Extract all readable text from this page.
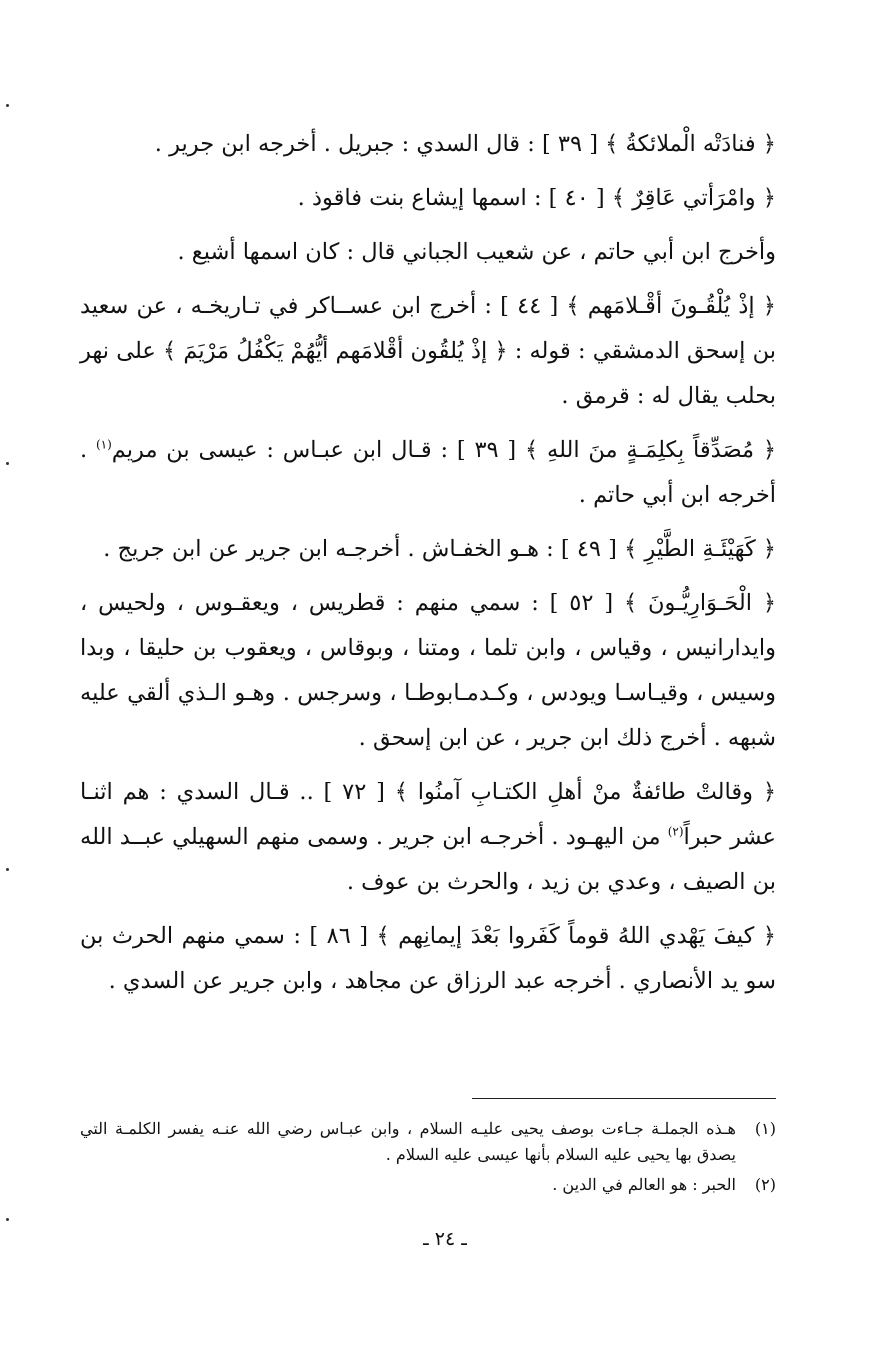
﴿ فنادَتْه الْملائكةُ ﴾ [ ٣٩ ] : قال السدي : جبريل . أخرجه ابن جرير .

﴿ وامْرَأتي عَاقِرٌ ﴾ [ ٤٠ ] : اسمها إيشاع بنت فاقوذ .

وأخرج ابن أبي حاتم ، عن شعيب الجباني قال : كان اسمها أشيع .

﴿ إذْ يُلْقُـونَ أقْـلامَهم ﴾ [ ٤٤ ] : أخرج ابن عســاكر في تـاريخـه ، عن سعيد بن إسحق الدمشقي : قوله : ﴿ إذْ يُلقُون أقْلامَهم أيُّهُمْ يَكْفُلُ مَرْيَمَ ﴾ على نهر بحلب يقال له : قرمق .

﴿ مُصَدِّقاً بِكلِمَـةٍ منَ اللهِ ﴾ [ ٣٩ ] : قـال ابن عبـاس : عيسى بن مريم$^{(١)}$ . أخرجه ابن أبي حاتم .

﴿ كَهَيْئَـةِ الطَّيْرِ ﴾ [ ٤٩ ] : هـو الخفـاش . أخرجـه ابن جرير عن ابن جريج .

﴿ الْحَـوَارِيُّـونَ ﴾ [ ٥٢ ] : سمي منهم : قطريس ، ويعقـوس ، ولحيس ، وايدارانيس ، وقياس ، وابن تلما ، ومتنا ، وبوقاس ، ويعقوب بن حليقا ، وبدا وسيس ، وقيـاسـا ويودس ، وكـدمـابوطـا ، وسرجس . وهـو الـذي ألقي عليه شبهه . أخرج ذلك ابن جرير ، عن ابن إسحق .

﴿ وقالتْ طائفةٌ منْ أهلِ الكتـابِ آمنُوا ﴾ [ ٧٢ ] .. قـال السدي : هم اثنـا عشر حبراً$^{(٢)}$ من اليهـود . أخرجـه ابن جرير . وسمى منهم السهيلي عبــد الله بن الصيف ، وعدي بن زيد ، والحرث بن عوف .

﴿ كيفَ يَهْدي اللهُ قوماً كَفَروا بَعْدَ إيمانِهم ﴾ [ ٨٦ ] : سمي منهم الحرث بن سو يد الأنصاري . أخرجه عبد الرزاق عن مجاهد ، وابن جرير عن السدي .

(١)
هـذه الجملـة جـاءت بوصف يحيى عليـه السلام ، وابن عبـاس رضي الله عنـه يفسر الكلمـة التي يصدق بها يحيى عليه السلام بأنها عيسى عليه السلام .
(٢)
الحبر : هو العالم في الدين .
ـ ٢٤ ـ
